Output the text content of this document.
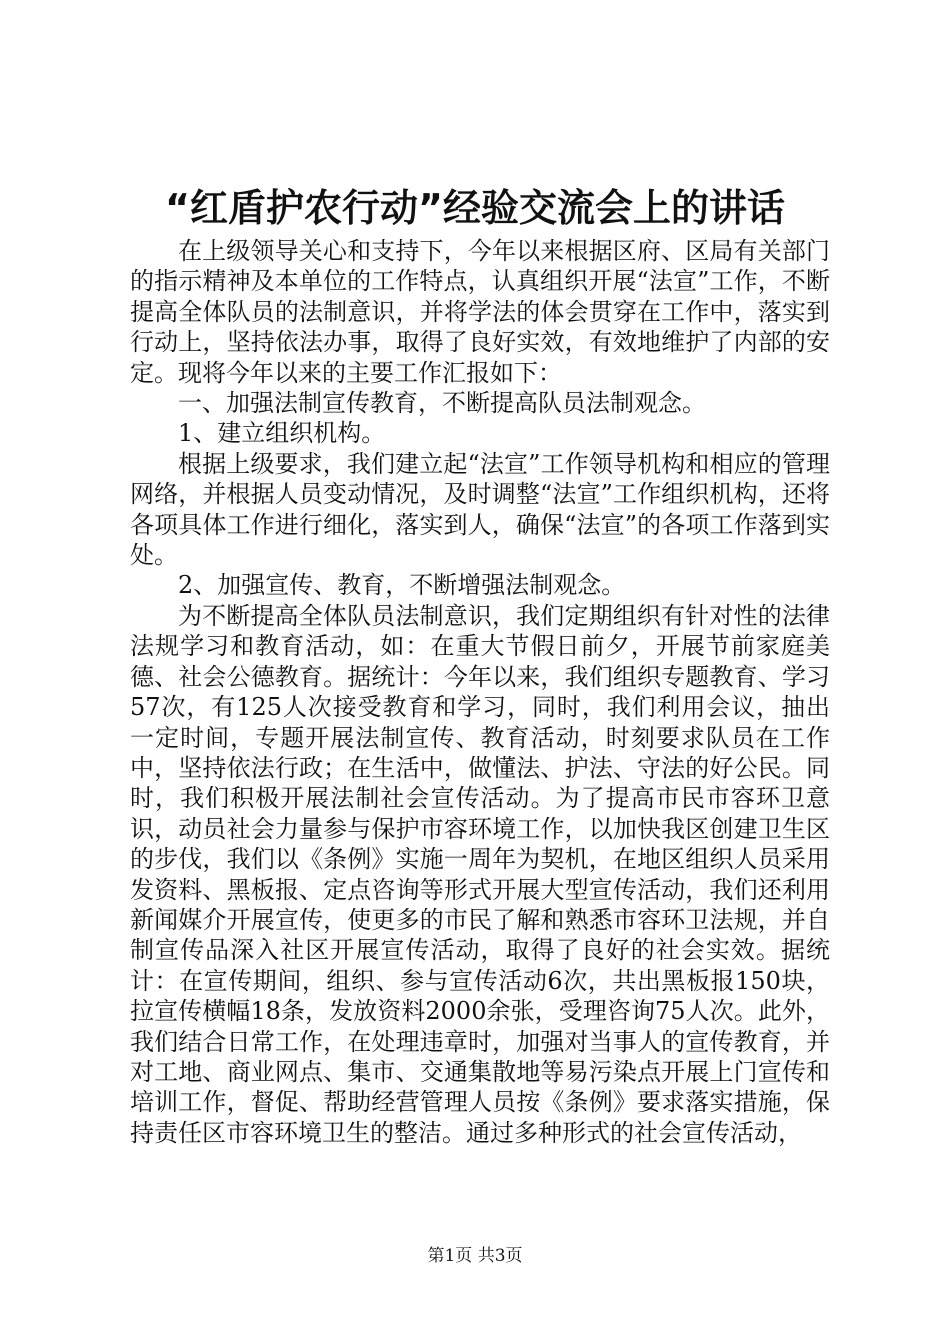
“红盾护农行动”经验交流会上的讲话

在上级领导关心和支持下，今年以来根据区府、区局有关部门的指示精神及本单位的工作特点，认真组织开展“法宣”工作，不断提高全体队员的法制意识，并将学法的体会贯穿在工作中，落实到行动上，坚持依法办事，取得了良好实效，有效地维护了内部的安定。现将今年以来的主要工作汇报如下：

一、加强法制宣传教育，不断提高队员法制观念。

1、建立组织机构。

根据上级要求，我们建立起“法宣”工作领导机构和相应的管理网络，并根据人员变动情况，及时调整“法宣”工作组织机构，还将各项具体工作进行细化，落实到人，确保“法宣”的各项工作落到实处。

2、加强宣传、教育，不断增强法制观念。

为不断提高全体队员法制意识，我们定期组织有针对性的法律法规学习和教育活动，如：在重大节假日前夕，开展节前家庭美德、社会公德教育。据统计：今年以来，我们组织专题教育、学习57次，有125人次接受教育和学习，同时，我们利用会议，抽出一定时间，专题开展法制宣传、教育活动，时刻要求队员在工作中，坚持依法行政；在生活中，做懂法、护法、守法的好公民。同时，我们积极开展法制社会宣传活动。为了提高市民市容环卫意识，动员社会力量参与保护市容环境工作，以加快我区创建卫生区的步伐，我们以《条例》实施一周年为契机，在地区组织人员采用发资料、黑板报、定点咨询等形式开展大型宣传活动，我们还利用新闻媒介开展宣传，使更多的市民了解和熟悉市容环卫法规，并自制宣传品深入社区开展宣传活动，取得了良好的社会实效。据统计：在宣传期间，组织、参与宣传活动6次，共出黑板报150块，拉宣传横幅18条，发放资料2000余张，受理咨询75人次。此外，我们结合日常工作，在处理违章时，加强对当事人的宣传教育，并对工地、商业网点、集市、交通集散地等易污染点开展上门宣传和培训工作，督促、帮助经营管理人员按《条例》要求落实措施，保持责任区市容环境卫生的整洁。通过多种形式的社会宣传活动，

第1页 共3页
